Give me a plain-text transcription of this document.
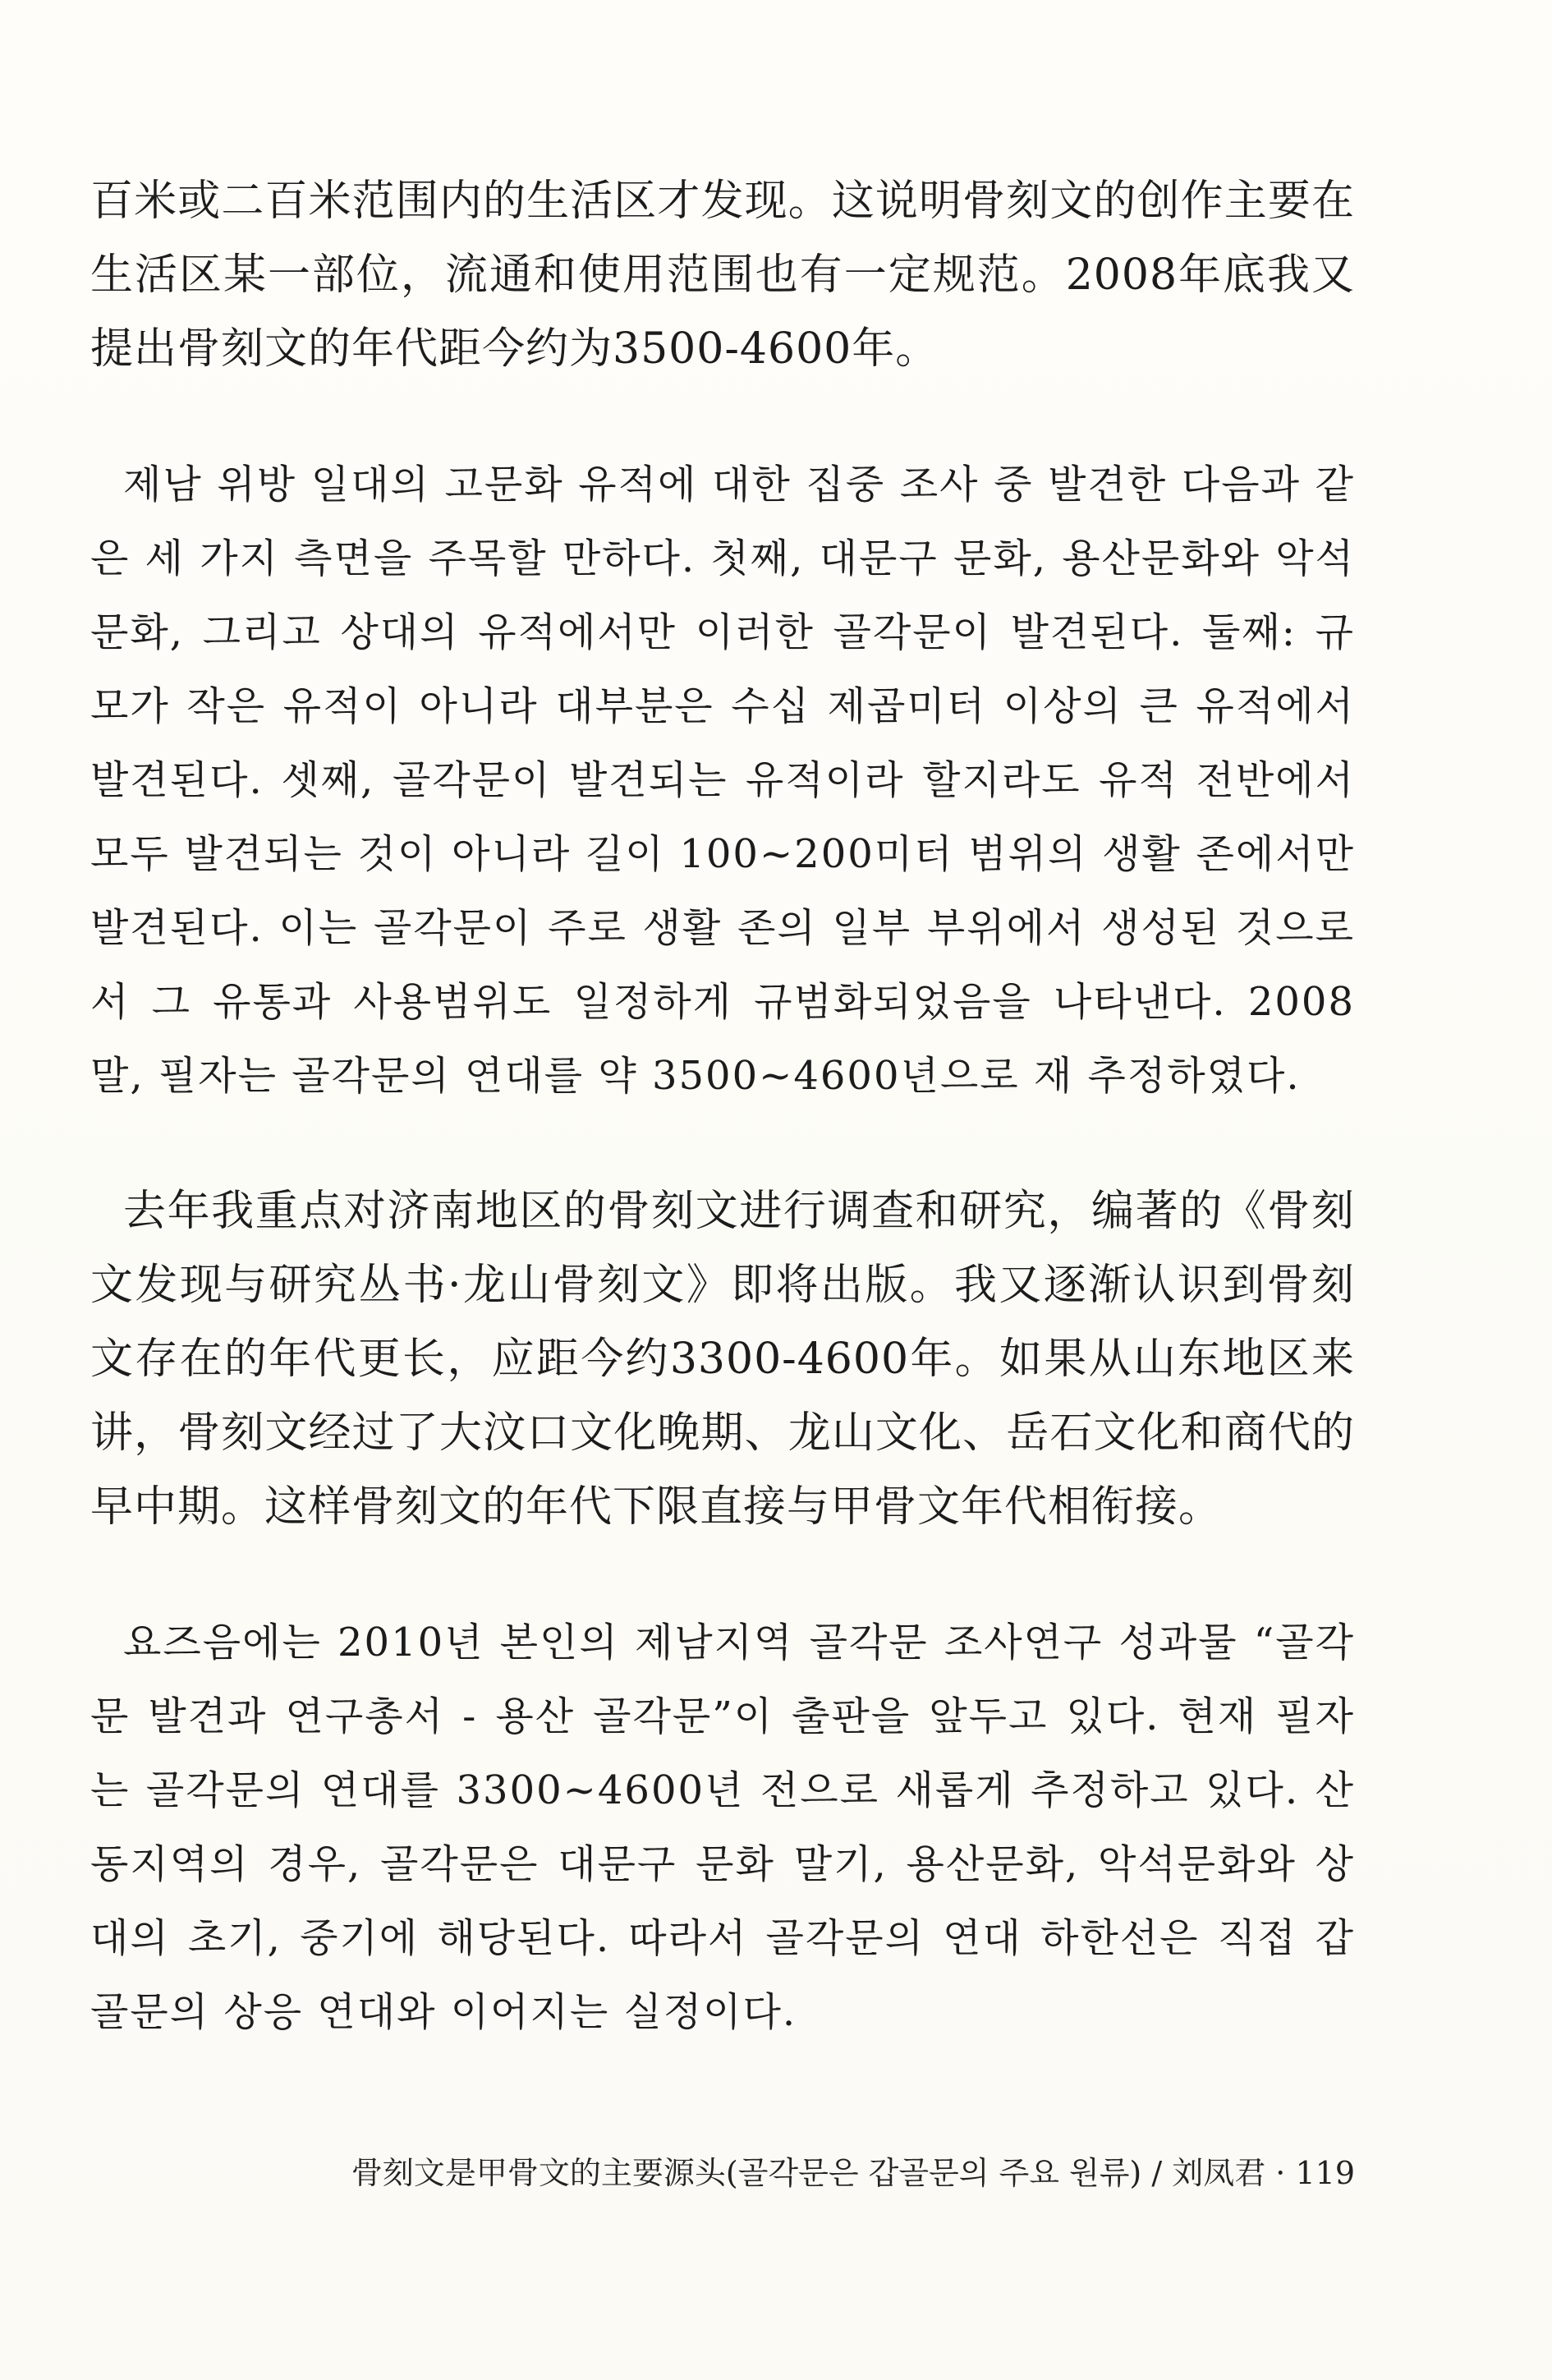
百米或二百米范围内的生活区才发现。这说明骨刻文的创作主要在生活区某一部位，流通和使用范围也有一定规范。2008年底我又提出骨刻文的年代距今约为3500-4600年。

제남 위방 일대의 고문화 유적에 대한 집중 조사 중 발견한 다음과 같은 세 가지 측면을 주목할 만하다. 첫째, 대문구 문화, 용산문화와 악석문화, 그리고 상대의 유적에서만 이러한 골각문이 발견된다. 둘째: 규모가 작은 유적이 아니라 대부분은 수십 제곱미터 이상의 큰 유적에서 발견된다. 셋째, 골각문이 발견되는 유적이라 할지라도 유적 전반에서 모두 발견되는 것이 아니라 길이 100~200미터 범위의 생활 존에서만 발견된다. 이는 골각문이 주로 생활 존의 일부 부위에서 생성된 것으로서 그 유통과 사용범위도 일정하게 규범화되었음을 나타낸다. 2008말, 필자는 골각문의 연대를 약 3500~4600년으로 재 추정하였다.

去年我重点对济南地区的骨刻文进行调查和研究，编著的《骨刻文发现与研究丛书·龙山骨刻文》即将出版。我又逐渐认识到骨刻文存在的年代更长，应距今约3300-4600年。如果从山东地区来讲，骨刻文经过了大汶口文化晚期、龙山文化、岳石文化和商代的早中期。这样骨刻文的年代下限直接与甲骨文年代相衔接。

요즈음에는 2010년 본인의 제남지역 골각문 조사연구 성과물 “골각문 발견과 연구총서 - 용산 골각문”이 출판을 앞두고 있다. 현재 필자는 골각문의 연대를 3300~4600년 전으로 새롭게 추정하고 있다. 산동지역의 경우, 골각문은 대문구 문화 말기, 용산문화, 악석문화와 상대의 초기, 중기에 해당된다. 따라서 골각문의 연대 하한선은 직접 갑골문의 상응 연대와 이어지는 실정이다.

骨刻文是甲骨文的主要源头(골각문은 갑골문의 주요 원류) / 刘凤君 · 119
